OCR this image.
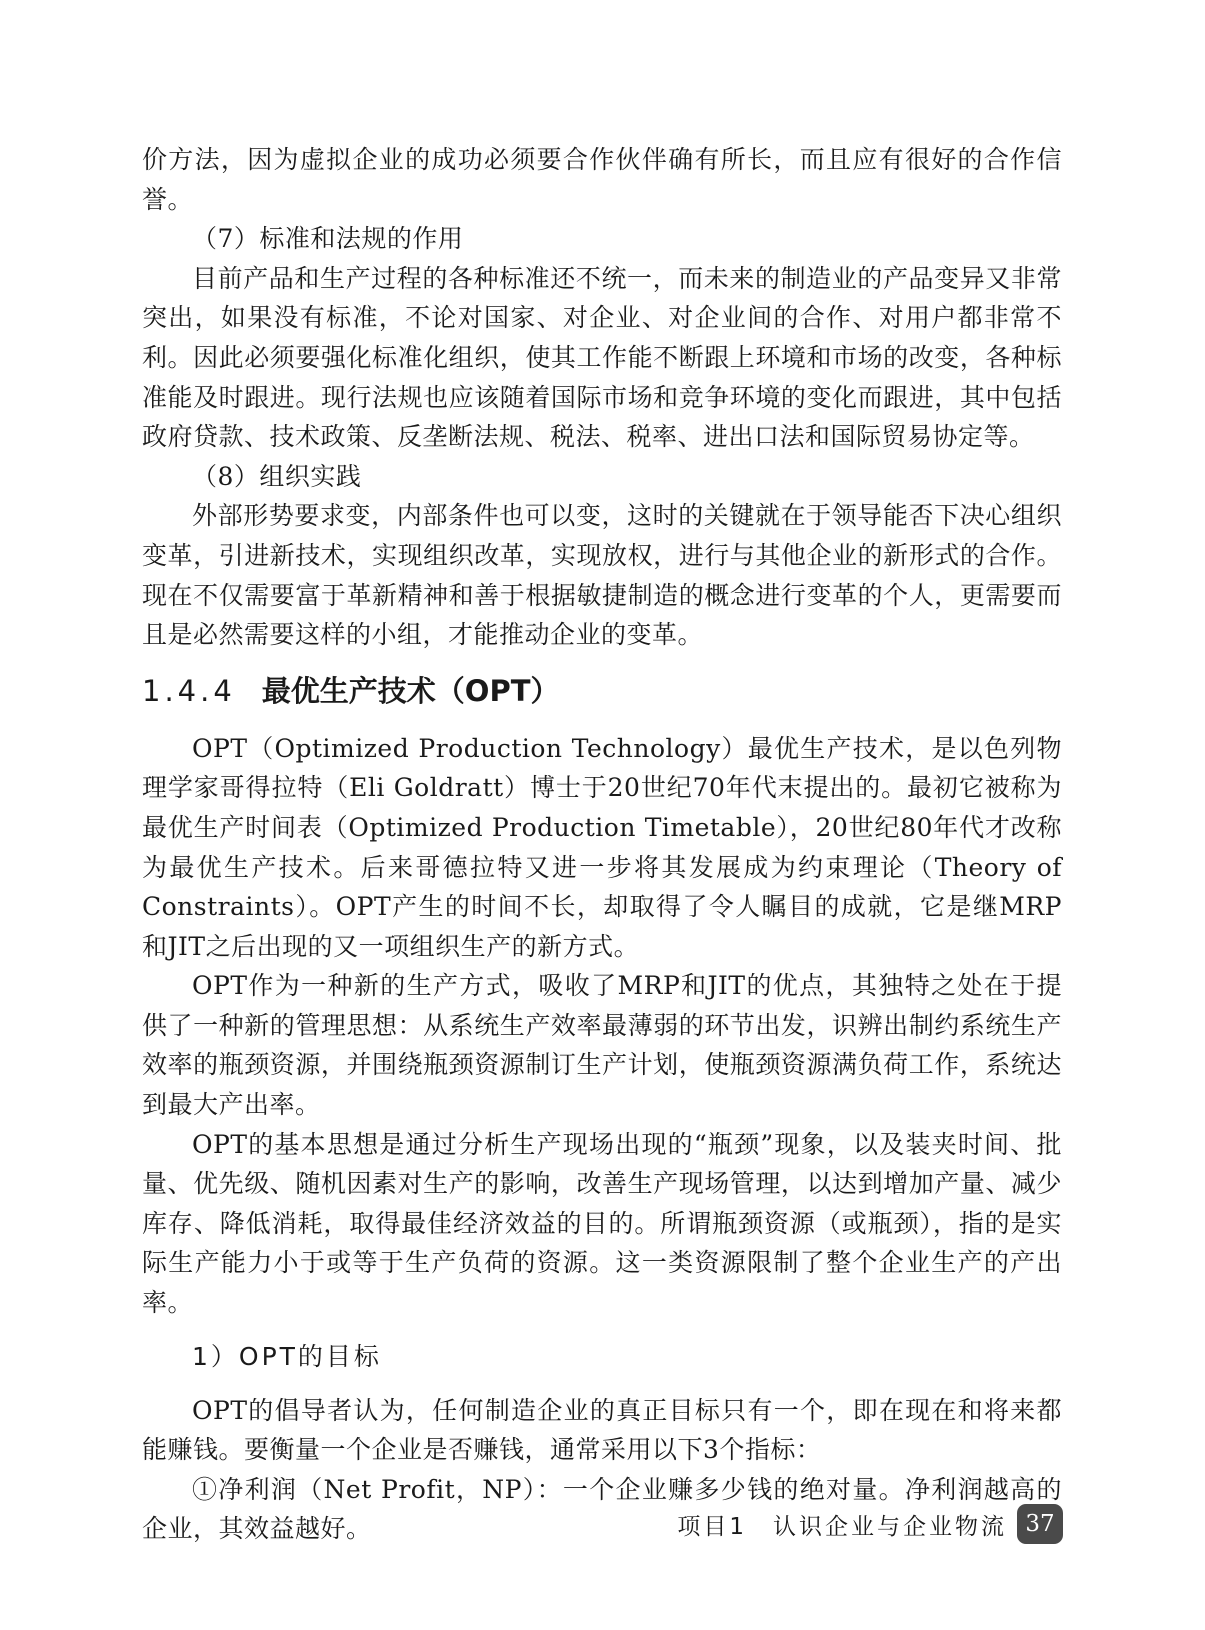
价方法，因为虚拟企业的成功必须要合作伙伴确有所长，而且应有很好的合作信誉。

（7）标准和法规的作用

目前产品和生产过程的各种标准还不统一，而未来的制造业的产品变异又非常突出，如果没有标准，不论对国家、对企业、对企业间的合作、对用户都非常不利。因此必须要强化标准化组织，使其工作能不断跟上环境和市场的改变，各种标准能及时跟进。现行法规也应该随着国际市场和竞争环境的变化而跟进，其中包括政府贷款、技术政策、反垄断法规、税法、税率、进出口法和国际贸易协定等。

（8）组织实践

外部形势要求变，内部条件也可以变，这时的关键就在于领导能否下决心组织变革，引进新技术，实现组织改革，实现放权，进行与其他企业的新形式的合作。现在不仅需要富于革新精神和善于根据敏捷制造的概念进行变革的个人，更需要而且是必然需要这样的小组，才能推动企业的变革。

1.4.4 最优生产技术（OPT）

OPT（Optimized Production Technology）最优生产技术，是以色列物理学家哥得拉特（Eli Goldratt）博士于20世纪70年代末提出的。最初它被称为最优生产时间表（Optimized Production Timetable），20世纪80年代才改称为最优生产技术。后来哥德拉特又进一步将其发展成为约束理论（Theory of Constraints）。OPT产生的时间不长，却取得了令人瞩目的成就，它是继MRP和JIT之后出现的又一项组织生产的新方式。

OPT作为一种新的生产方式，吸收了MRP和JIT的优点，其独特之处在于提供了一种新的管理思想：从系统生产效率最薄弱的环节出发，识辨出制约系统生产效率的瓶颈资源，并围绕瓶颈资源制订生产计划，使瓶颈资源满负荷工作，系统达到最大产出率。

OPT的基本思想是通过分析生产现场出现的“瓶颈”现象，以及装夹时间、批量、优先级、随机因素对生产的影响，改善生产现场管理，以达到增加产量、减少库存、降低消耗，取得最佳经济效益的目的。所谓瓶颈资源（或瓶颈），指的是实际生产能力小于或等于生产负荷的资源。这一类资源限制了整个企业生产的产出率。

1）OPT的目标

OPT的倡导者认为，任何制造企业的真正目标只有一个，即在现在和将来都能赚钱。要衡量一个企业是否赚钱，通常采用以下3个指标：

①净利润（Net Profit，NP）：一个企业赚多少钱的绝对量。净利润越高的企业，其效益越好。	项目1　认识企业与企业物流 37
